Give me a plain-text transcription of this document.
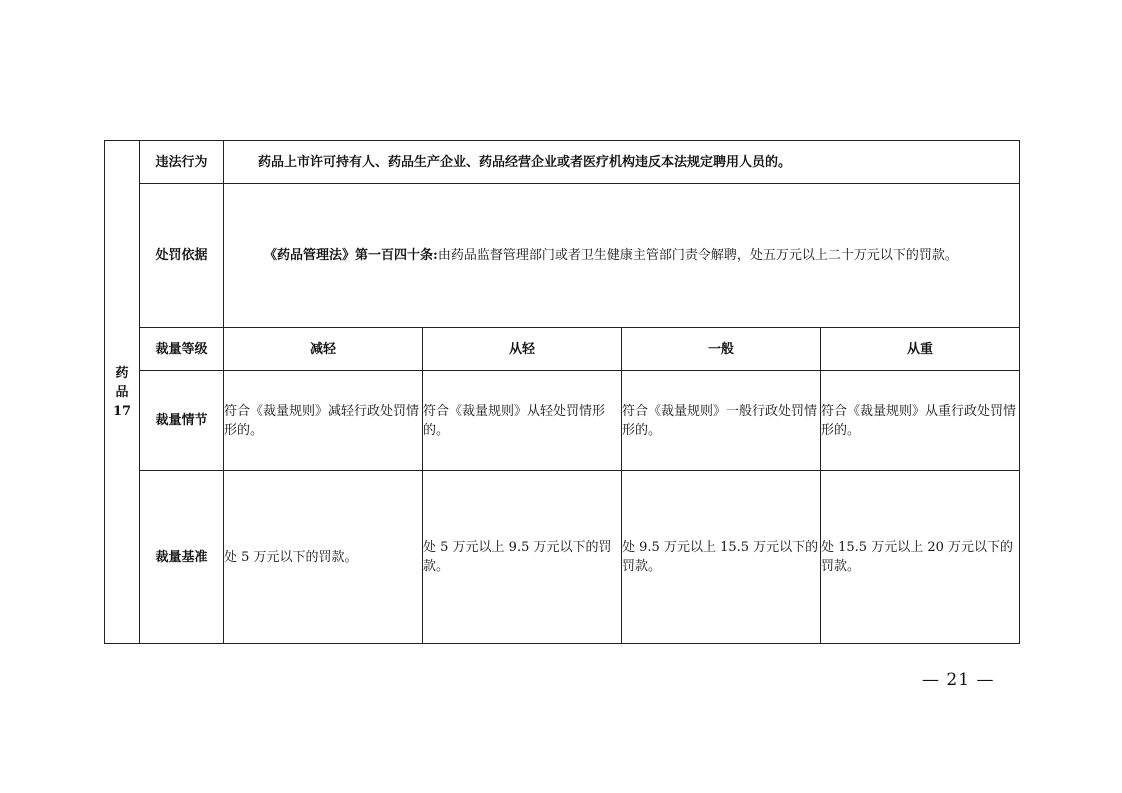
药
品
17	违法行为	药品上市许可持有人、药品生产企业、药品经营企业或者医疗机构违反本法规定聘用人员的。			
	处罚依据	《药品管理法》第一百四十条:由药品监督管理部门或者卫生健康主管部门责令解聘，处五万元以上二十万元以下的罚款。			
	裁量等级	减轻	从轻	一般	从重
	裁量情节	符合《裁量规则》减轻行政处罚情形的。	符合《裁量规则》从轻处罚情形的。	符合《裁量规则》一般行政处罚情形的。	符合《裁量规则》从重行政处罚情形的。
	裁量基准	处 5 万元以下的罚款。	处 5 万元以上 9.5 万元以下的罚款。	处 9.5 万元以上 15.5 万元以下的罚款。	处 15.5 万元以上 20 万元以下的罚款。
— 21 —
